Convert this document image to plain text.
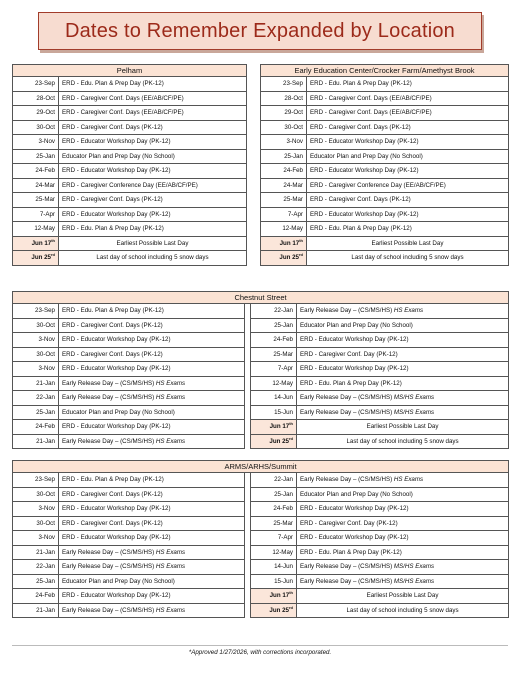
Dates to Remember Expanded by Location
Pelham	
23-Sep	ERD - Edu. Plan & Prep Day (PK-12)
28-Oct	ERD - Caregiver Conf. Days (EE/AB/CF/PE)
29-Oct	ERD - Caregiver Conf. Days (EE/AB/CF/PE)
30-Oct	ERD - Caregiver Conf. Days (PK-12)
3-Nov	ERD - Educator Workshop Day (PK-12)
25-Jan	Educator Plan and Prep Day (No School)
24-Feb	ERD - Educator Workshop Day (PK-12)
24-Mar	ERD - Caregiver Conference Day (EE/AB/CF/PE)
25-Mar	ERD - Caregiver Conf. Days (PK-12)
7-Apr	ERD - Educator Workshop Day (PK-12)
12-May	ERD - Edu. Plan & Prep Day (PK-12)
Jun 17th	Earliest Possible Last Day
Jun 25rd	Last day of school including 5 snow days
Early Education Center/Crocker Farm/Amethyst Brook	
23-Sep	ERD - Edu. Plan & Prep Day (PK-12)
28-Oct	ERD - Caregiver Conf. Days (EE/AB/CF/PE)
29-Oct	ERD - Caregiver Conf. Days (EE/AB/CF/PE)
30-Oct	ERD - Caregiver Conf. Days (PK-12)
3-Nov	ERD - Educator Workshop Day (PK-12)
25-Jan	Educator Plan and Prep Day (No School)
24-Feb	ERD - Educator Workshop Day (PK-12)
24-Mar	ERD - Caregiver Conference Day (EE/AB/CF/PE)
25-Mar	ERD - Caregiver Conf. Days (PK-12)
7-Apr	ERD - Educator Workshop Day (PK-12)
12-May	ERD - Edu. Plan & Prep Day (PK-12)
Jun 17th	Earliest Possible Last Day
Jun 25rd	Last day of school including 5 snow days
Chestnut Street				
23-Sep	ERD - Edu. Plan & Prep Day (PK-12)		22-Jan	Early Release Day – (CS/MS/HS) HS Exams
30-Oct	ERD - Caregiver Conf. Days (PK-12)		25-Jan	Educator Plan and Prep Day (No School)
3-Nov	ERD - Educator Workshop Day (PK-12)		24-Feb	ERD - Educator Workshop Day (PK-12)
30-Oct	ERD - Caregiver Conf. Days (PK-12)		25-Mar	ERD - Caregiver Conf. Day (PK-12)
3-Nov	ERD - Educator Workshop Day (PK-12)		7-Apr	ERD - Educator Workshop Day (PK-12)
21-Jan	Early Release Day – (CS/MS/HS) HS Exams		12-May	ERD - Edu. Plan & Prep Day (PK-12)
22-Jan	Early Release Day – (CS/MS/HS) HS Exams		14-Jun	Early Release Day – (CS/MS/HS) MS/HS Exams
25-Jan	Educator Plan and Prep Day (No School)		15-Jun	Early Release Day – (CS/MS/HS) MS/HS Exams
24-Feb	ERD - Educator Workshop Day (PK-12)		Jun 17th	Earliest Possible Last Day
21-Jan	Early Release Day – (CS/MS/HS) HS Exams		Jun 25rd	Last day of school including 5 snow days
ARMS/ARHS/Summit				
23-Sep	ERD - Edu. Plan & Prep Day (PK-12)		22-Jan	Early Release Day – (CS/MS/HS) HS Exams
30-Oct	ERD - Caregiver Conf. Days (PK-12)		25-Jan	Educator Plan and Prep Day (No School)
3-Nov	ERD - Educator Workshop Day (PK-12)		24-Feb	ERD - Educator Workshop Day (PK-12)
30-Oct	ERD - Caregiver Conf. Days (PK-12)		25-Mar	ERD - Caregiver Conf. Day (PK-12)
3-Nov	ERD - Educator Workshop Day (PK-12)		7-Apr	ERD - Educator Workshop Day (PK-12)
21-Jan	Early Release Day – (CS/MS/HS) HS Exams		12-May	ERD - Edu. Plan & Prep Day (PK-12)
22-Jan	Early Release Day – (CS/MS/HS) HS Exams		14-Jun	Early Release Day – (CS/MS/HS) MS/HS Exams
25-Jan	Educator Plan and Prep Day (No School)		15-Jun	Early Release Day – (CS/MS/HS) MS/HS Exams
24-Feb	ERD - Educator Workshop Day (PK-12)		Jun 17th	Earliest Possible Last Day
21-Jan	Early Release Day – (CS/MS/HS) HS Exams		Jun 25rd	Last day of school including 5 snow days
*Approved 1/27/2026, with corrections incorporated.
